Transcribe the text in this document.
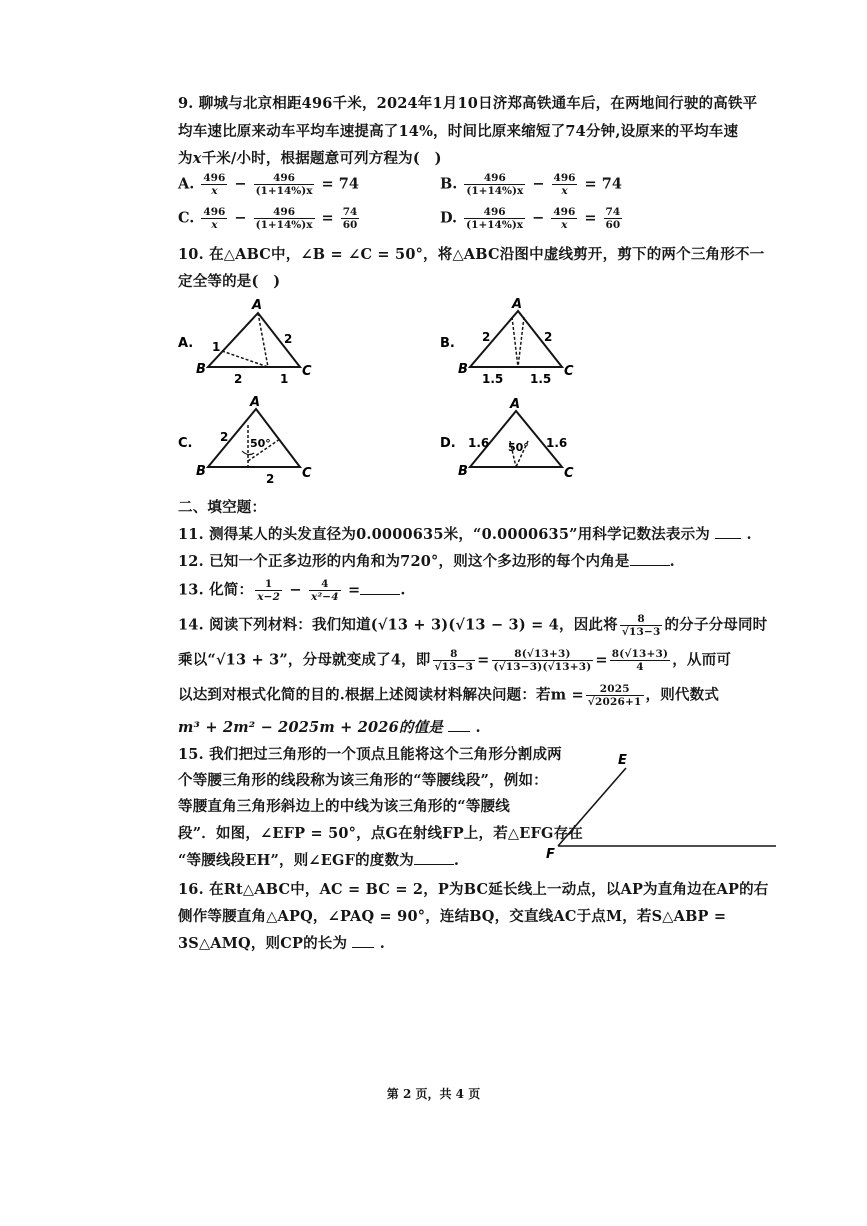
9. 聊城与北京相距496千米，2024年1月10日济郑高铁通车后，在两地间行驶的高铁平
均车速比原来动车平均车速提高了14%，时间比原来缩短了74分钟,设原来的平均车速
为x千米/小时，根据题意可列方程为(　)
A. $\frac{496}{x} - \frac{496}{(1+14\%)x} = 74$	B. $\frac{496}{(1+14\%)x} - \frac{496}{x} = 74$
C. $\frac{496}{x} - \frac{496}{(1+14\%)x} = \frac{74}{60}$	D. $\frac{496}{(1+14\%)x} - \frac{496}{x} = \frac{74}{60}$
10. 在△ABC中，∠B = ∠C = 50°，将△ABC沿图中虚线剪开，剪下的两个三角形不一
定全等的是(　)
A.
A
B	C
1
2
2	1
B.
A
B	C
2	2
1.5 1.5
C.
A
B	C
2 50°
2
D.
A
B	C
1.6	1.6
50°
二、填空题：
11. 测得某人的头发直径为0.0000635米，“0.0000635”用科学记数法表示为	.
12. 已知一个正多边形的内角和为720°，则这个多边形的每个内角是	.
13. 化简： $\frac{1}{x-2} - \frac{4}{\text{x²−4}}$ =	.
14. 阅读下列材料：我们知道(√13 + 3)(√13 − 3) = 4，因此将 $\frac{8}{√13-3}$ 的分子分母同时
乘以“√13 + 3”，分母就变成了4，即 $\frac{8}{√13-3} = \frac{8(√13+3)}{(√13-3)(√13+3)} = \frac{8(√13+3)}{4}$ ，从而可
以达到对根式化简的目的.根据上述阅读材料解决问题：若$m = \frac{2025}{√2026+1}$ ，则代数式
m³ + 2m² − 2025m + 2026的值是 .
15. 我们把过三角形的一个顶点且能将这个三角形分割成两
个等腰三角形的线段称为该三角形的“等腰线段”，例如：
等腰直角三角形斜边上的中线为该三角形的“等腰线
段”．如图，∠EFP = 50°，点G在射线FP上，若△EFG存在
“等腰线段EH”，则∠EGF的度数为	.
E
F
16. 在Rt△ABC中，AC = BC = 2，P为BC延长线上一动点，以AP为直角边在AP的右
侧作等腰直角△APQ，∠PAQ = 90°，连结BQ，交直线AC于点M，若S△ABP =
3S△AMQ，则CP的长为 .
第 2 页，共 4 页
